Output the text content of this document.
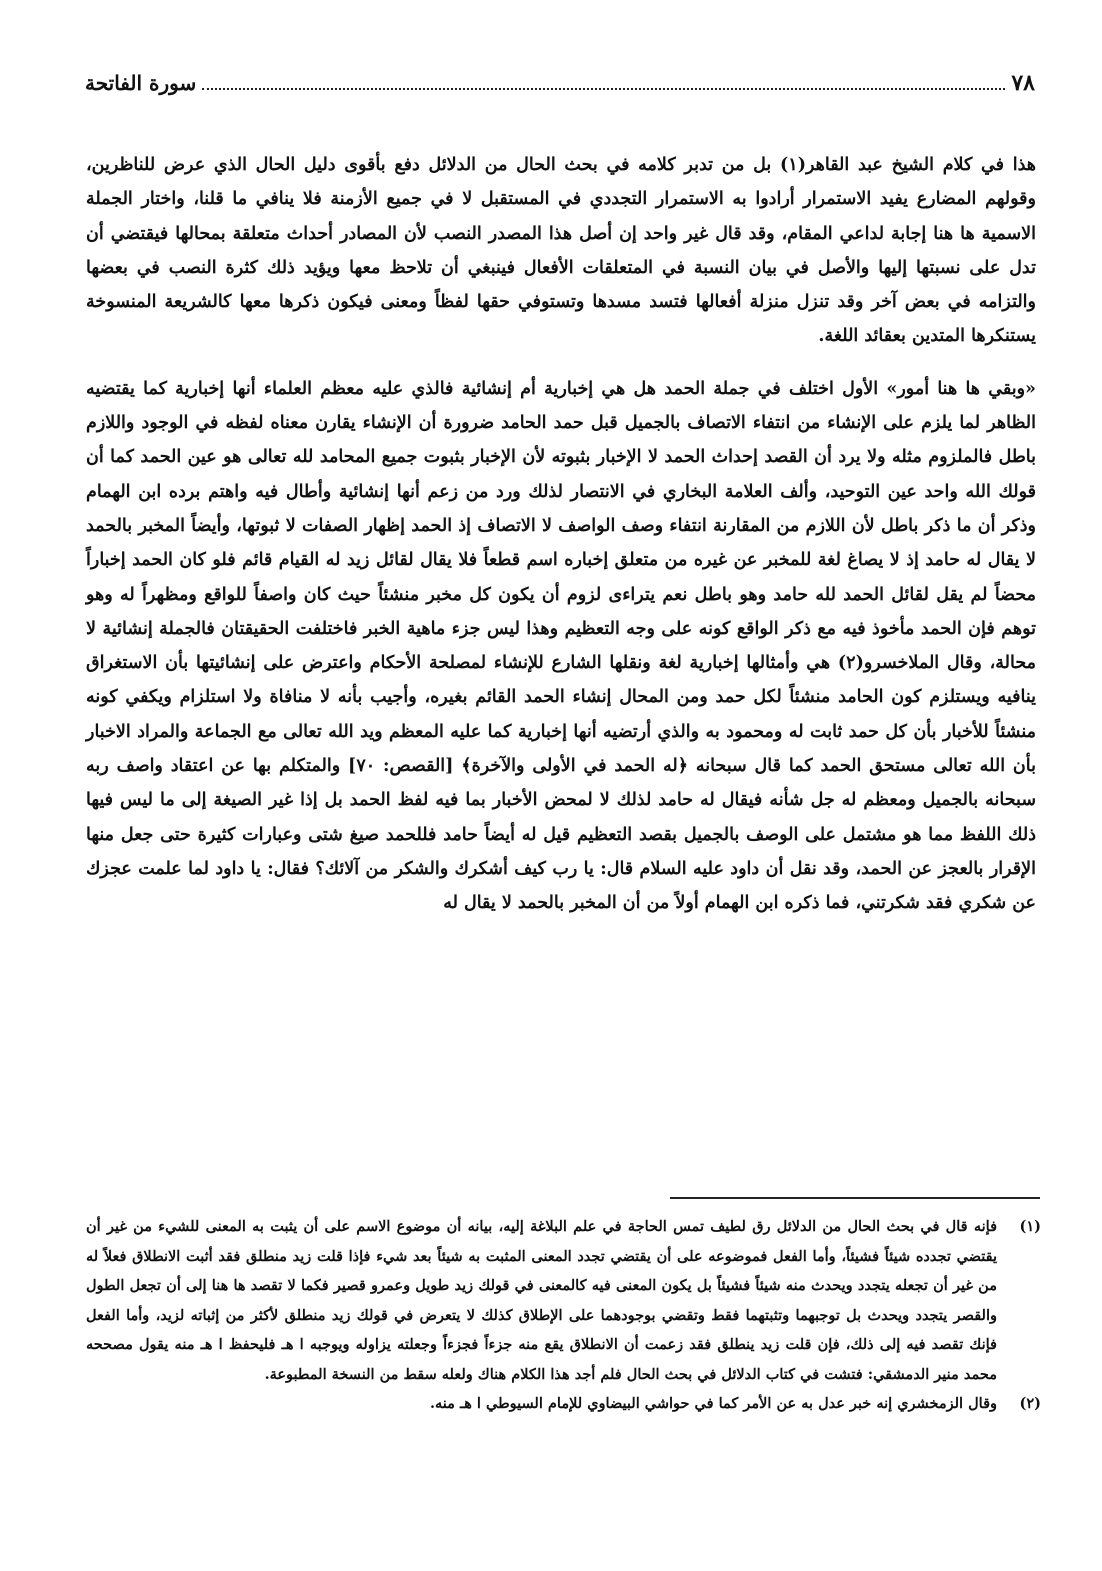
٧٨
سورة الفاتحة

هذا في كلام الشيخ عبد القاهر(١) بل من تدبر كلامه في بحث الحال من الدلائل دفع بأقوى دليل الحال الذي عرض للناظرين، وقولهم المضارع يفيد الاستمرار أرادوا به الاستمرار التجددي في المستقبل لا في جميع الأزمنة فلا ينافي ما قلنا، واختار الجملة الاسمية ها هنا إجابة لداعي المقام، وقد قال غير واحد إن أصل هذا المصدر النصب لأن المصادر أحداث متعلقة بمحالها فيقتضي أن تدل على نسبتها إليها والأصل في بيان النسبة في المتعلقات الأفعال فينبغي أن تلاحظ معها ويؤيد ذلك كثرة النصب في بعضها والتزامه في بعض آخر وقد تنزل منزلة أفعالها فتسد مسدها وتستوفي حقها لفظاً ومعنى فيكون ذكرها معها كالشريعة المنسوخة يستنكرها المتدين بعقائد اللغة.

«وبقي ها هنا أمور» الأول اختلف في جملة الحمد هل هي إخبارية أم إنشائية فالذي عليه معظم العلماء أنها إخبارية كما يقتضيه الظاهر لما يلزم على الإنشاء من انتفاء الاتصاف بالجميل قبل حمد الحامد ضرورة أن الإنشاء يقارن معناه لفظه في الوجود واللازم باطل فالملزوم مثله ولا يرد أن القصد إحداث الحمد لا الإخبار بثبوته لأن الإخبار بثبوت جميع المحامد لله تعالى هو عين الحمد كما أن قولك الله واحد عين التوحيد، وألف العلامة البخاري في الانتصار لذلك ورد من زعم أنها إنشائية وأطال فيه واهتم برده ابن الهمام وذكر أن ما ذكر باطل لأن اللازم من المقارنة انتفاء وصف الواصف لا الاتصاف إذ الحمد إظهار الصفات لا ثبوتها، وأيضاً المخبر بالحمد لا يقال له حامد إذ لا يصاغ لغة للمخبر عن غيره من متعلق إخباره اسم قطعاً فلا يقال لقائل زيد له القيام قائم فلو كان الحمد إخباراً محضاً لم يقل لقائل الحمد لله حامد وهو باطل نعم يتراءى لزوم أن يكون كل مخبر منشئاً حيث كان واصفاً للواقع ومظهراً له وهو توهم فإن الحمد مأخوذ فيه مع ذكر الواقع كونه على وجه التعظيم وهذا ليس جزء ماهية الخبر فاختلفت الحقيقتان فالجملة إنشائية لا محالة، وقال الملاخسرو(٢) هي وأمثالها إخبارية لغة ونقلها الشارع للإنشاء لمصلحة الأحكام واعترض على إنشائيتها بأن الاستغراق ينافيه ويستلزم كون الحامد منشئاً لكل حمد ومن المحال إنشاء الحمد القائم بغيره، وأجيب بأنه لا منافاة ولا استلزام ويكفي كونه منشئاً للأخبار بأن كل حمد ثابت له ومحمود به والذي أرتضيه أنها إخبارية كما عليه المعظم ويد الله تعالى مع الجماعة والمراد الاخبار بأن الله تعالى مستحق الحمد كما قال سبحانه ﴿له الحمد في الأولى والآخرة﴾ [القصص: ٧٠] والمتكلم بها عن اعتقاد واصف ربه سبحانه بالجميل ومعظم له جل شأنه فيقال له حامد لذلك لا لمحض الأخبار بما فيه لفظ الحمد بل إذا غير الصيغة إلى ما ليس فيها ذلك اللفظ مما هو مشتمل على الوصف بالجميل بقصد التعظيم قيل له أيضاً حامد فللحمد صيغ شتى وعبارات كثيرة حتى جعل منها الإقرار بالعجز عن الحمد، وقد نقل أن داود عليه السلام قال: يا رب كيف أشكرك والشكر من آلائك؟ فقال: يا داود لما علمت عجزك عن شكري فقد شكرتني، فما ذكره ابن الهمام أولاً من أن المخبر بالحمد لا يقال له

(١)
فإنه قال في بحث الحال من الدلائل رق لطيف تمس الحاجة في علم البلاغة إليه، بيانه أن موضوع الاسم على أن يثبت به المعنى للشيء من غير أن يقتضي تجدده شيئاً فشيئاً، وأما الفعل فموضوعه على أن يقتضي تجدد المعنى المثبت به شيئاً بعد شيء فإذا قلت زيد منطلق فقد أثبت الانطلاق فعلاً له من غير أن تجعله يتجدد ويحدث منه شيئاً فشيئاً بل يكون المعنى فيه كالمعنى في قولك زيد طويل وعمرو قصير فكما لا تقصد ها هنا إلى أن تجعل الطول والقصر يتجدد ويحدث بل توجبهما وتثبتهما فقط وتقضي بوجودهما على الإطلاق كذلك لا يتعرض في قولك زيد منطلق لأكثر من إثباته لزيد، وأما الفعل فإنك تقصد فيه إلى ذلك، فإن قلت زيد ينطلق فقد زعمت أن الانطلاق يقع منه جزءاً فجزءاً وجعلته يزاوله ويوجبه ا هـ فليحفظ ا هـ منه يقول مصححه محمد منير الدمشقي: فتشت في كتاب الدلائل في بحث الحال فلم أجد هذا الكلام هناك ولعله سقط من النسخة المطبوعة.
(٢)
وقال الزمخشري إنه خبر عدل به عن الأمر كما في حواشي البيضاوي للإمام السيوطي ا هـ منه.
